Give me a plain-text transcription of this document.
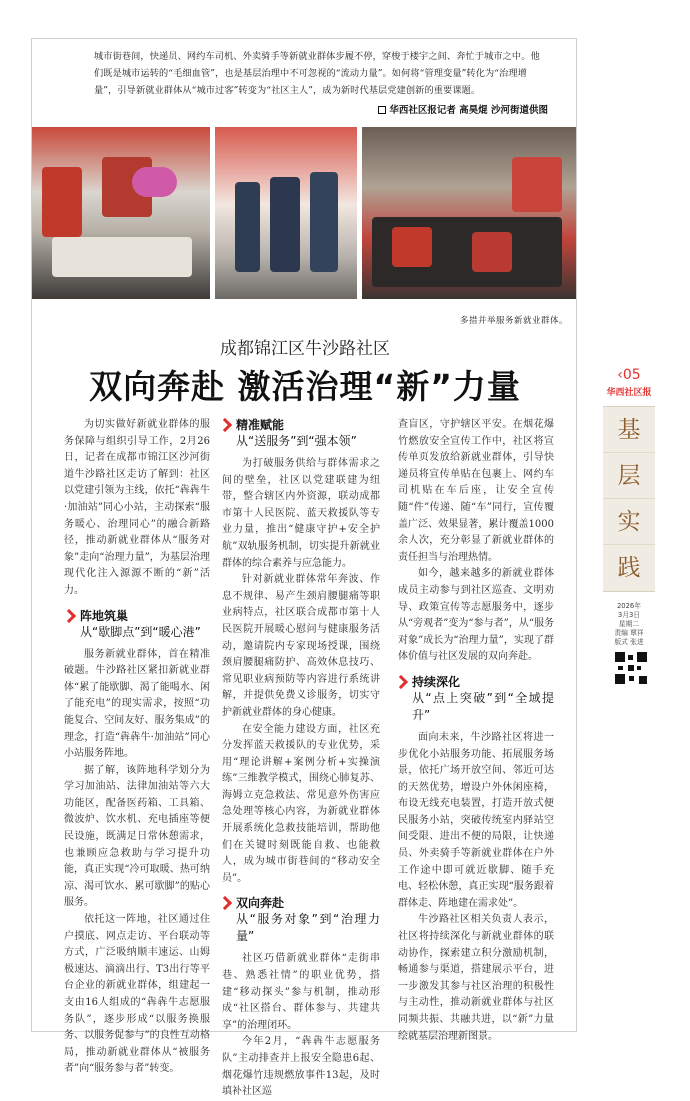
城市街巷间，快递员、网约车司机、外卖骑手等新就业群体步履不停，穿梭于楼宇之间、奔忙于城市之中。他们既是城市运转的“毛细血管”，也是基层治理中不可忽视的“流动力量”。如何将“管理变量”转化为“治理增量”，引导新就业群体从“城市过客”转变为“社区主人”，成为新时代基层党建创新的重要课题。
华西社区报记者 高昊焜 沙河街道供图
多措并举服务新就业群体。
成都锦江区牛沙路社区
双向奔赴 激活治理“新”力量

为切实做好新就业群体的服务保障与组织引导工作，2月26日，记者在成都市锦江区沙河街道牛沙路社区走访了解到：社区以党建引领为主线，依托“犇犇牛·加油站”同心小站，主动探索“服务暖心、治理同心”的融合新路径，推动新就业群体从“服务对象”走向“治理力量”，为基层治理现代化注入源源不断的“新”活力。

阵地筑巢
从“歇脚点”到“暖心港”

服务新就业群体，首在精准破题。牛沙路社区紧扣新就业群体“累了能歇脚、渴了能喝水、闲了能充电”的现实需求，按照“功能复合、空间友好、服务集成”的理念，打造“犇犇牛·加油站”同心小站服务阵地。

据了解，该阵地科学划分为学习加油站、法律加油站等六大功能区，配备医药箱、工具箱、微波炉、饮水机、充电插座等便民设施，既满足日常休憩需求，也兼顾应急救助与学习提升功能，真正实现“冷可取暖、热可纳凉、渴可饮水、累可歇脚”的贴心服务。

依托这一阵地，社区通过住户摸底、网点走访、平台联动等方式，广泛吸纳顺丰速运、山姆极速达、滴滴出行、T3出行等平台企业的新就业群体，组建起一支由16人组成的“犇犇牛志愿服务队”，逐步形成“以服务换服务、以服务促参与”的良性互动格局，推动新就业群体从“被服务者”向“服务参与者”转变。

精准赋能
从“送服务”到“强本领”

为打破服务供给与群体需求之间的壁垒，社区以党建联建为纽带，整合辖区内外资源，联动成都市第十人民医院、蓝天救援队等专业力量，推出“健康守护+安全护航”双轨服务机制，切实提升新就业群体的综合素养与应急能力。

针对新就业群体常年奔波、作息不规律、易产生颈肩腰腿痛等职业病特点，社区联合成都市第十人民医院开展暖心慰问与健康服务活动，邀请院内专家现场授课，围绕颈肩腰腿痛防护、高效休息技巧、常见职业病预防等内容进行系统讲解，并提供免费义诊服务，切实守护新就业群体的身心健康。

在安全能力建设方面，社区充分发挥蓝天救援队的专业优势，采用“理论讲解+案例分析+实操演练”三维教学模式，围绕心肺复苏、海姆立克急救法、常见意外伤害应急处理等核心内容，为新就业群体开展系统化急救技能培训，帮助他们在关键时刻既能自救、也能救人，成为城市街巷间的“移动安全员”。

双向奔赴
从“服务对象”到“治理力量”

社区巧借新就业群体“走街串巷、熟悉社情”的职业优势，搭建“移动探头”参与机制，推动形成“社区搭台、群体参与、共建共享”的治理闭环。

今年2月，“犇犇牛志愿服务队”主动排查并上报安全隐患6起、烟花爆竹违规燃放事件13起，及时填补社区巡

查盲区，守护辖区平安。在烟花爆竹燃放安全宣传工作中，社区将宣传单页发放给新就业群体，引导快递员将宣传单贴在包裹上、网约车司机贴在车后座，让安全宣传随“件”传递、随“车”同行，宣传覆盖广泛、效果显著，累计覆盖1000余人次，充分彰显了新就业群体的责任担当与治理热情。

如今，越来越多的新就业群体成员主动参与到社区巡查、文明劝导、政策宣传等志愿服务中，逐步从“旁观者”变为“参与者”，从“服务对象”成长为“治理力量”，实现了群体价值与社区发展的双向奔赴。

持续深化
从“点上突破”到“全域提升”

面向未来，牛沙路社区将进一步优化小站服务功能、拓展服务场景，依托广场开放空间、邻近可达的天然优势，增设户外休闲座椅，布设无线充电装置，打造开放式便民服务小站，突破传统室内驿站空间受限、进出不便的局限，让快递员、外卖骑手等新就业群体在户外工作途中即可就近歇脚、随手充电、轻松休憩，真正实现“服务跟着群体走、阵地建在需求处”。

牛沙路社区相关负责人表示，社区将持续深化与新就业群体的联动协作，探索建立积分激励机制，畅通参与渠道，搭建展示平台，进一步激发其参与社区治理的积极性与主动性，推动新就业群体与社区同频共振、共融共进，以“新”力量绘就基层治理新图景。

‹05
华西社区报
基
层
实
践
2026年
3月3日
星期二
责编 覃祥
版式 张进
